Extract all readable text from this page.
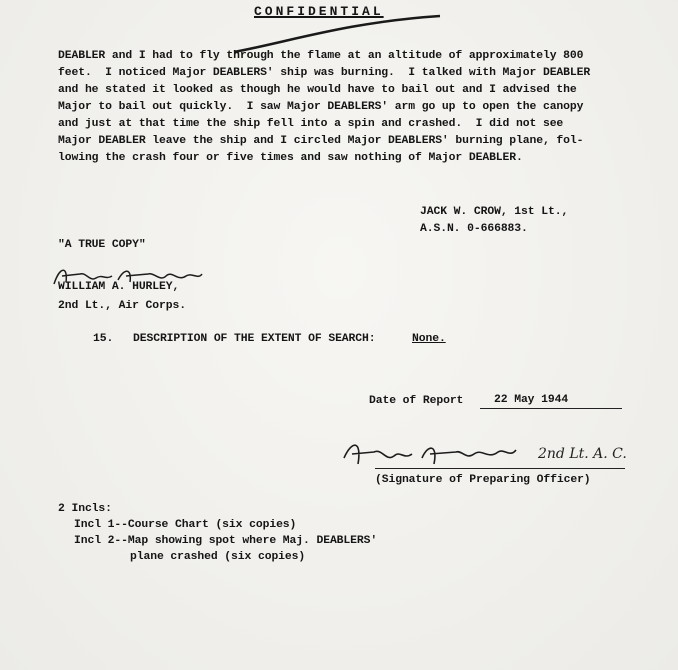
CONFIDENTIAL
DEABLER and I had to fly through the flame at an altitude of approximately 800
feet.  I noticed Major DEABLERS' ship was burning.  I talked with Major DEABLER
and he stated it looked as though he would have to bail out and I advised the
Major to bail out quickly.  I saw Major DEABLERS' arm go up to open the canopy
and just at that time the ship fell into a spin and crashed.  I did not see
Major DEABLER leave the ship and I circled Major DEABLERS' burning plane, fol-
lowing the crash four or five times and saw nothing of Major DEABLER.
JACK W. CROW, 1st Lt.,
A.S.N. 0-666883.
"A TRUE COPY"
WILLIAM A. HURLEY,
2nd Lt., Air Corps.
15. DESCRIPTION OF THE EXTENT OF SEARCH:	None.
Date of Report	22 May 1944
2nd Lt. A. C.
(Signature of Preparing Officer)
2 Incls:
Incl 1--Course Chart (six copies)
Incl 2--Map showing spot where Maj. DEABLERS'
plane crashed (six copies)
